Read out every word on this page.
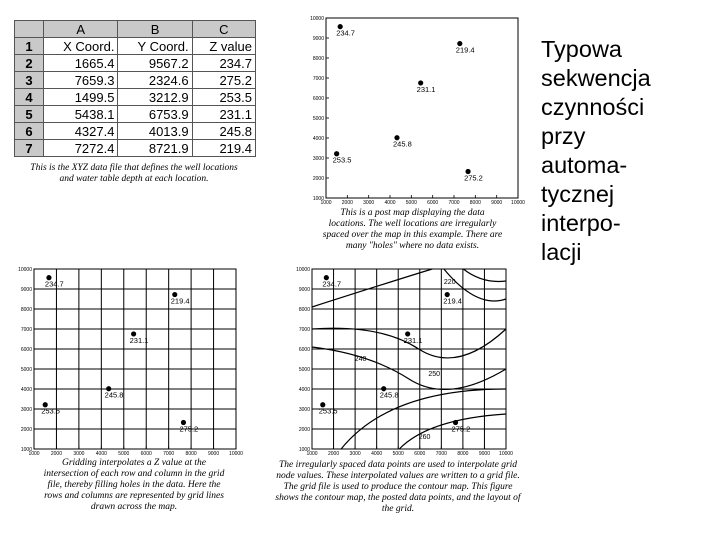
	A	B	C
1	X Coord.	Y Coord.	Z value
2	1665.4	9567.2	234.7
3	7659.3	2324.6	275.2
4	1499.5	3212.9	253.5
5	5438.1	6753.9	231.1
6	4327.4	4013.9	245.8
7	7272.4	8721.9	219.4
This is the XYZ data file that defines the well locations
and water table depth at each location.
1000
2000
3000
4000
5000
6000
7000
8000
9000
10000
1000 2000 3000 4000 5000 6000 7000 8000 9000 10000
234.7
275.2
253.5
231.1
245.8
219.4
This is a post map displaying the data
locations. The well locations are irregularly
spaced over the map in this example. There are
many "holes" where no data exists.
1000
2000
3000
4000
5000
6000
7000
8000
9000
10000
1000 2000 3000 4000 5000 6000 7000 8000 9000 10000
234.7
275.2
253.5
231.1
245.8
219.4
Gridding interpolates a Z value at the
intersection of each row and column in the grid
file, thereby filling holes in the data. Here the
rows and columns are represented by grid lines
drawn across the map.
240
250
260
220
1000
2000
3000
4000
5000
6000
7000
8000
9000
10000
1000 2000 3000 4000 5000 6000 7000 8000 9000 10000
234.7
275.2
253.5
231.1
245.8
219.4
The irregularly spaced data points are used to interpolate grid
node values. These interpolated values are written to a grid file.
The grid file is used to produce the contour map. This figure
shows the contour map, the posted data points, and the layout of
the grid.
Typowa
sekwencja
czynności
przy
automa-
tycznej
interpo-
lacji
